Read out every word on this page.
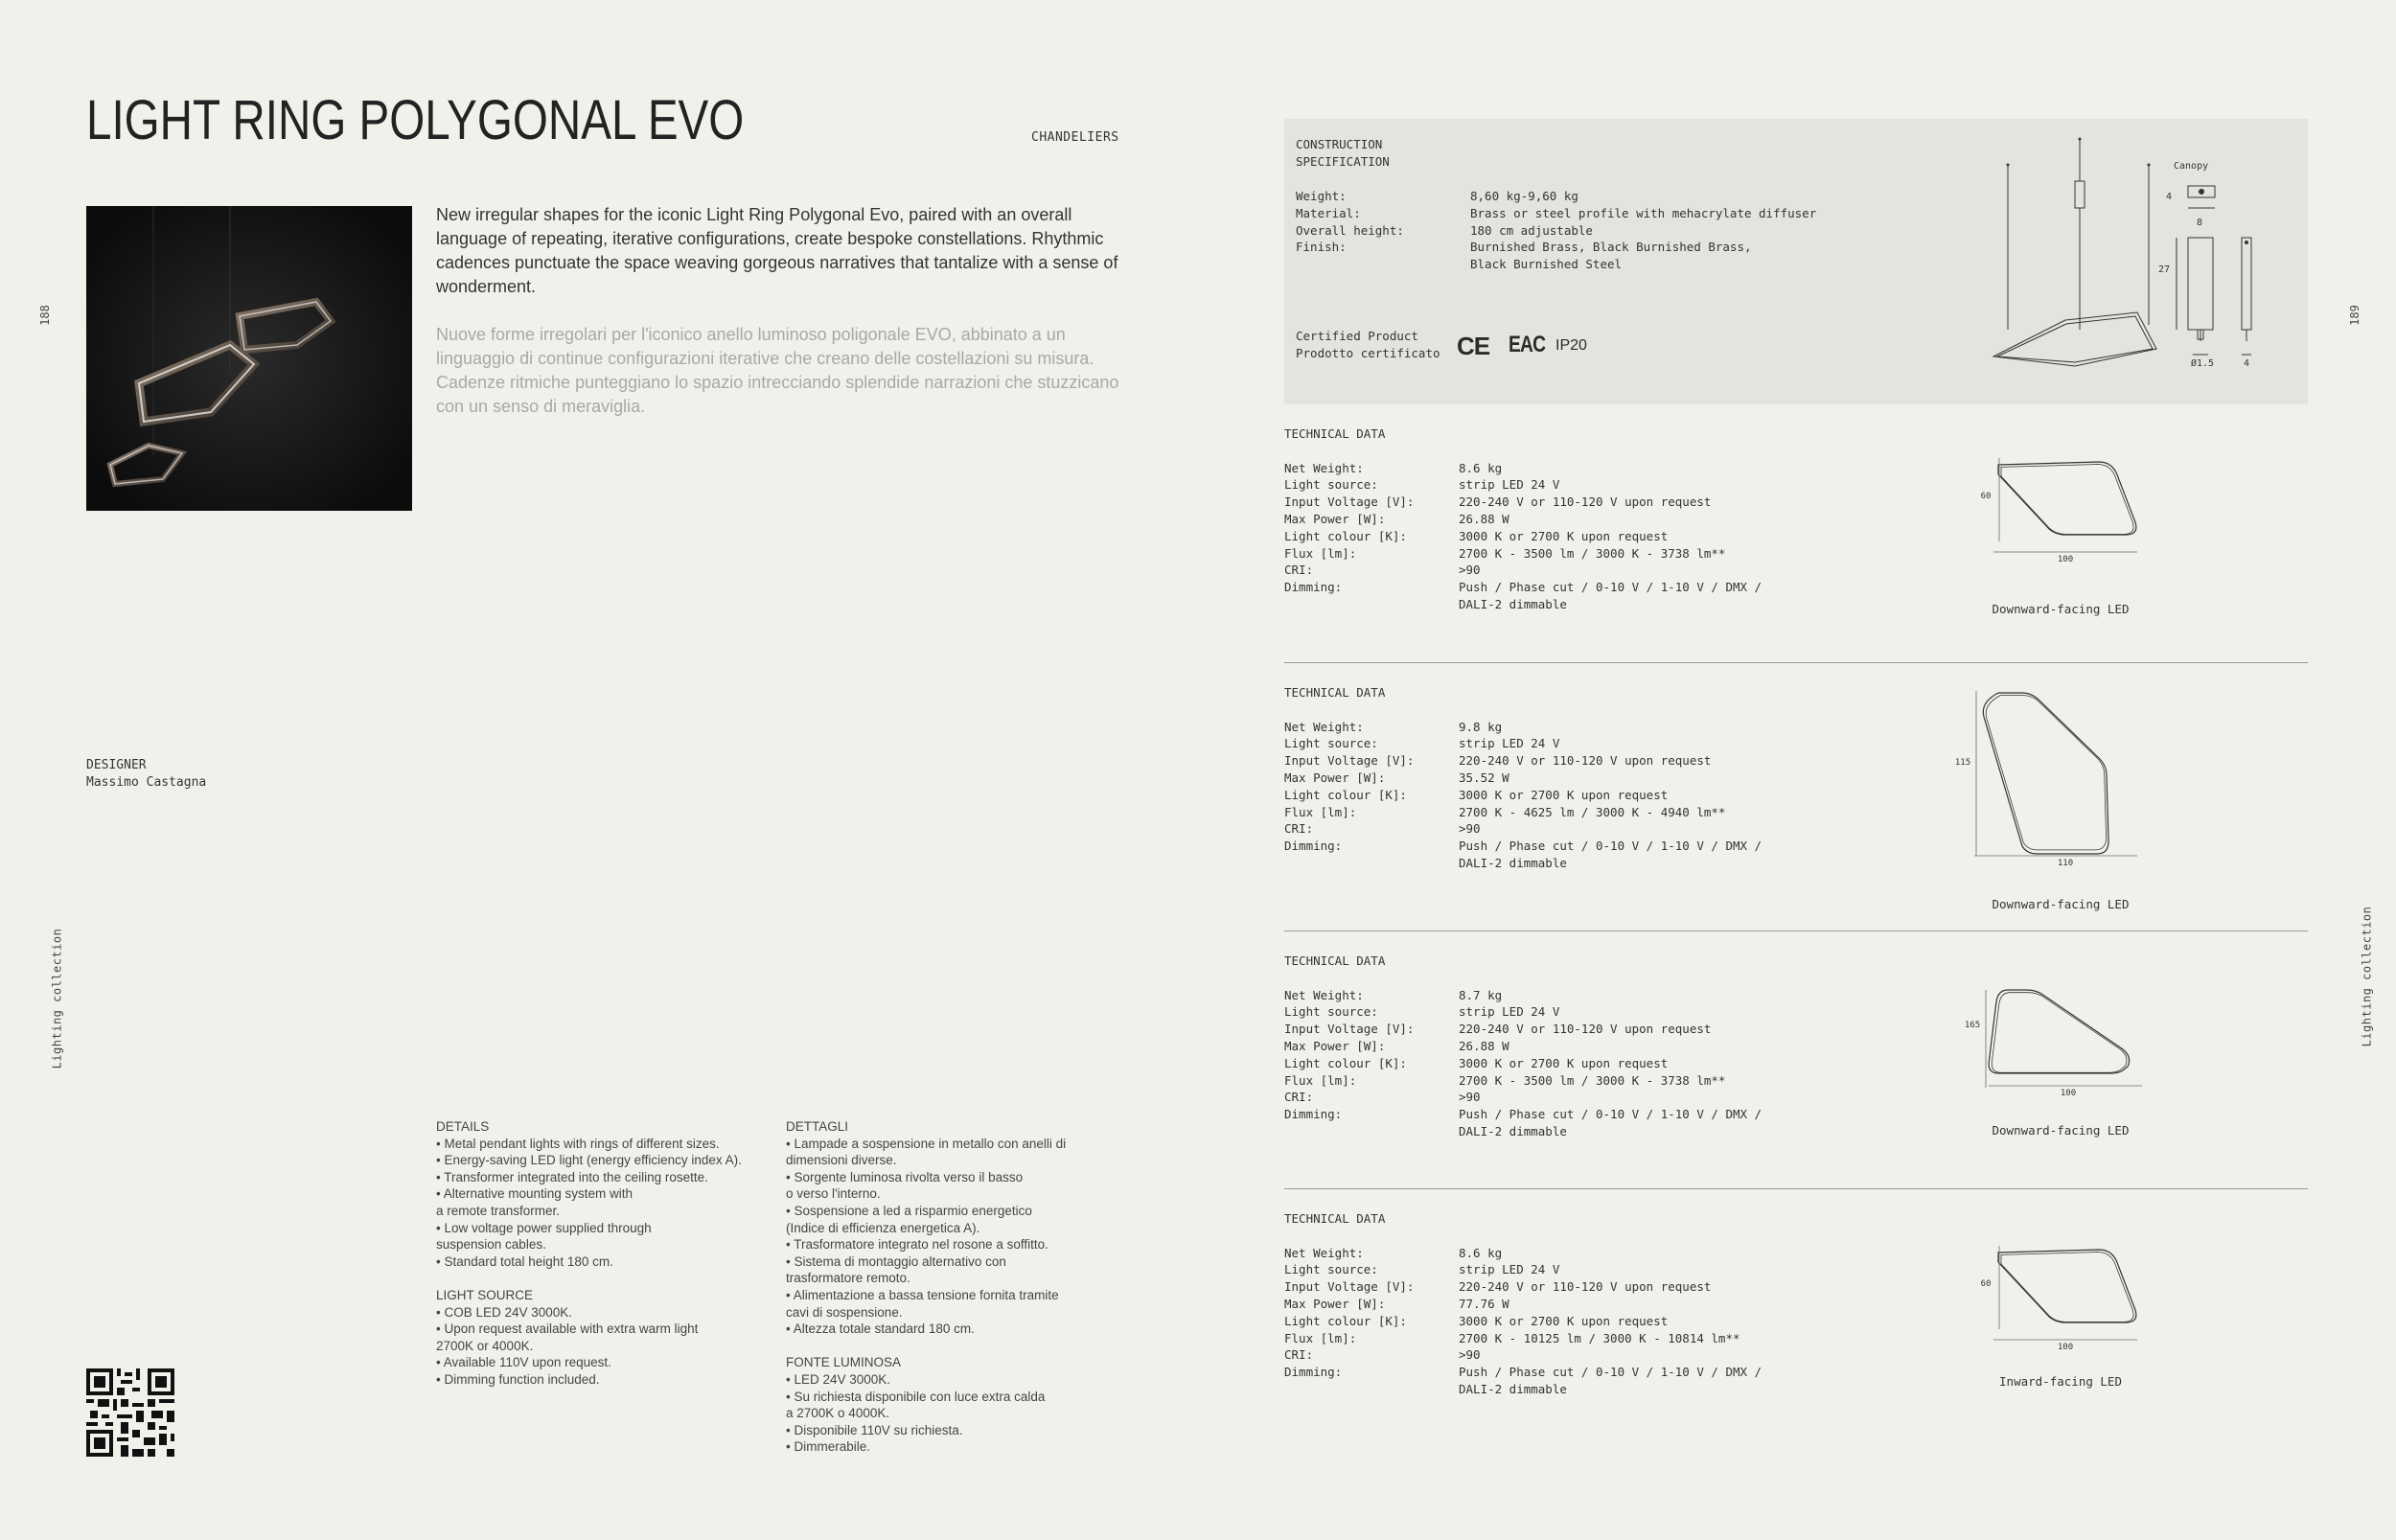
LIGHT RING POLYGONAL EVO	CHANDELIERS
188	189
Lighting collection	Lighting collection
New irregular shapes for the iconic Light Ring Polygonal Evo, paired with an overall language of repeating, iterative configurations, create bespoke constellations. Rhythmic cadences punctuate the space weaving gorgeous narratives that tantalize with a sense of wonderment.
Nuove forme irregolari per l'iconico anello luminoso poligonale EVO, abbinato a un linguaggio di continue configurazioni iterative che creano delle costellazioni su misura. Cadenze ritmiche punteggiano lo spazio intrecciando splendide narrazioni che stuzzicano con un senso di meraviglia.
DESIGNER
Massimo Castagna

DETAILS

• Metal pendant lights with rings of different sizes.

• Energy-saving LED light (energy efficiency index A).

• Transformer integrated into the ceiling rosette.

• Alternative mounting system with

a remote transformer.

• Low voltage power supplied through

suspension cables.

• Standard total height 180 cm.

LIGHT SOURCE

• COB LED 24V 3000K.

• Upon request available with extra warm light

2700K or 4000K.

• Available 110V upon request.

• Dimming function included.

DETTAGLI

• Lampade a sospensione in metallo con anelli di

dimensioni diverse.

• Sorgente luminosa rivolta verso il basso

o verso l'interno.

• Sospensione a led a risparmio energetico

(Indice di efficienza energetica A).

• Trasformatore integrato nel rosone a soffitto.

• Sistema di montaggio alternativo con

trasformatore remoto.

• Alimentazione a bassa tensione fornita tramite

cavi di sospensione.

• Altezza totale standard 180 cm.

FONTE LUMINOSA

• LED 24V 3000K.

• Su richiesta disponibile con luce extra calda

a 2700K o 4000K.

• Disponibile 110V su richiesta.

• Dimmerabile.

CONSTRUCTION
SPECIFICATION
Weight:	8,60 kg-9,60 kg
Material:	Brass or steel profile with mehacrylate diffuser
Overall height:	180 cm adjustable
Finish:	Burnished Brass, Black Burnished Brass,
Black Burnished Steel
Certified Product
Prodotto certificato CE EAC IP20
Canopy
4
8
27
Ø1.5	4
TECHNICAL DATA
Net Weight:	8.6 kg
Light source:	strip LED 24 V
Input Voltage [V]:	220-240 V or 110-120 V upon request
Max Power [W]:	26.88 W
Light colour [K]:	3000 K or 2700 K upon request
Flux [lm]:	2700 K - 3500 lm / 3000 K - 3738 lm**
CRI:	>90
Dimming:	Push / Phase cut / 0-10 V / 1-10 V / DMX /
DALI-2 dimmable
60
100
Downward-facing LED
TECHNICAL DATA
Net Weight:	9.8 kg
Light source:	strip LED 24 V
Input Voltage [V]:	220-240 V or 110-120 V upon request
Max Power [W]:	35.52 W
Light colour [K]:	3000 K or 2700 K upon request
Flux [lm]:	2700 K - 4625 lm / 3000 K - 4940 lm**
CRI:	>90
Dimming:	Push / Phase cut / 0-10 V / 1-10 V / DMX /
DALI-2 dimmable
115
110
Downward-facing LED
TECHNICAL DATA
Net Weight:	8.7 kg
Light source:	strip LED 24 V
Input Voltage [V]:	220-240 V or 110-120 V upon request
Max Power [W]:	26.88 W
Light colour [K]:	3000 K or 2700 K upon request
Flux [lm]:	2700 K - 3500 lm / 3000 K - 3738 lm**
CRI:	>90
Dimming:	Push / Phase cut / 0-10 V / 1-10 V / DMX /
DALI-2 dimmable
165
100
Downward-facing LED
TECHNICAL DATA
Net Weight:	8.6 kg
Light source:	strip LED 24 V
Input Voltage [V]:	220-240 V or 110-120 V upon request
Max Power [W]:	77.76 W
Light colour [K]:	3000 K or 2700 K upon request
Flux [lm]:	2700 K - 10125 lm / 3000 K - 10814 lm**
CRI:	>90
Dimming:	Push / Phase cut / 0-10 V / 1-10 V / DMX /
DALI-2 dimmable
60
100
Inward-facing LED
